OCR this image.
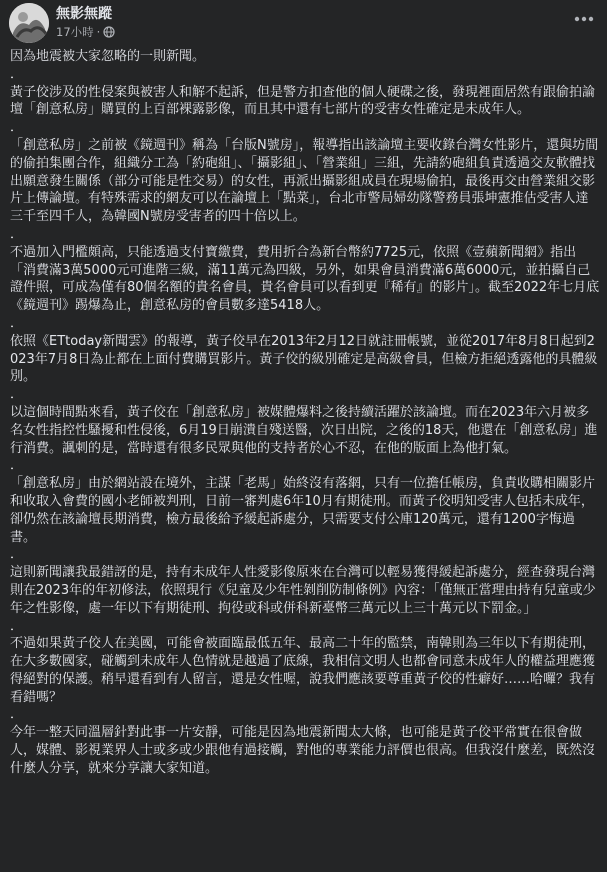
無影無蹤
17小時 ·

因為地震被大家忽略的一則新聞。

．

黃子佼涉及的性侵案與被害人和解不起訴，但是警方扣查他的個人硬碟之後，發現裡面居然有跟偷拍論壇「創意私房」購買的上百部裸露影像，而且其中還有七部片的受害女性確定是未成年人。

．

「創意私房」之前被《鏡週刊》稱為「台版N號房」，報導指出該論壇主要收錄台灣女性影片，還與坊間的偷拍集團合作，組織分工為「約砲組」、「攝影組」、「營業組」三組，先請約砲組負責透過交友軟體找出願意發生關係（部分可能是性交易）的女性，再派出攝影組成員在現場偷拍，最後再交由營業組交影片上傳論壇。有特殊需求的網友可以在論壇上「點菜」，台北市警局婦幼隊警務員張坤憲推估受害人達三千至四千人，為韓國N號房受害者的四十倍以上。

．

不過加入門檻頗高，只能透過支付寶繳費，費用折合為新台幣約7725元，依照《壹蘋新聞網》指出「消費滿3萬5000元可進階三級，滿11萬元為四級，另外，如果會員消費滿6萬6000元，並拍攝自己證件照，可成為僅有80個名額的貴名會員，貴名會員可以看到更『稀有』的影片」。截至2022年七月底《鏡週刊》踢爆為止，創意私房的會員數多達5418人。

．

依照《ETtoday新聞雲》的報導，黃子佼早在2013年2月12日就註冊帳號，並從2017年8月8日起到2023年7月8日為止都在上面付費購買影片。黃子佼的級別確定是高級會員，但檢方拒絕透露他的具體級別。

．

以這個時間點來看，黃子佼在「創意私房」被媒體爆料之後持續活躍於該論壇。而在2023年六月被多名女性指控性騷擾和性侵後，6月19日崩潰自殘送醫，次日出院，之後的18天，他還在「創意私房」進行消費。諷刺的是，當時還有很多民眾與他的支持者於心不忍，在他的版面上為他打氣。

．

「創意私房」由於網站設在境外，主謀「老馬」始終沒有落網，只有一位擔任帳房，負責收購相關影片和收取入會費的國小老師被判刑，日前一審判處6年10月有期徒刑。而黃子佼明知受害人包括未成年，卻仍然在該論壇長期消費，檢方最後給予緩起訴處分，只需要支付公庫120萬元，還有1200字悔過書。

．

這則新聞讓我最錯訝的是，持有未成年人性愛影像原來在台灣可以輕易獲得緩起訴處分，經查發現台灣則在2023年的年初修法，依照現行《兒童及少年性剝削防制條例》內容：「僅無正當理由持有兒童或少年之性影像，處一年以下有期徒刑、拘役或科或併科新臺幣三萬元以上三十萬元以下罰金。」

．

不過如果黃子佼人在美國，可能會被面臨最低五年、最高二十年的監禁，南韓則為三年以下有期徒刑，在大多數國家，碰觸到未成年人色情就是越過了底線，我相信文明人也都會同意未成年人的權益理應獲得絕對的保護。稍早還看到有人留言，還是女性喔，說我們應該要尊重黃子佼的性癖好……哈囉？我有看錯嗎？

．

今年一整天同溫層針對此事一片安靜，可能是因為地震新聞太大條，也可能是黃子佼平常實在很會做人，媒體、影視業界人士或多或少跟他有過接觸，對他的專業能力評價也很高。但我沒什麼差，既然沒什麼人分享，就來分享讓大家知道。
